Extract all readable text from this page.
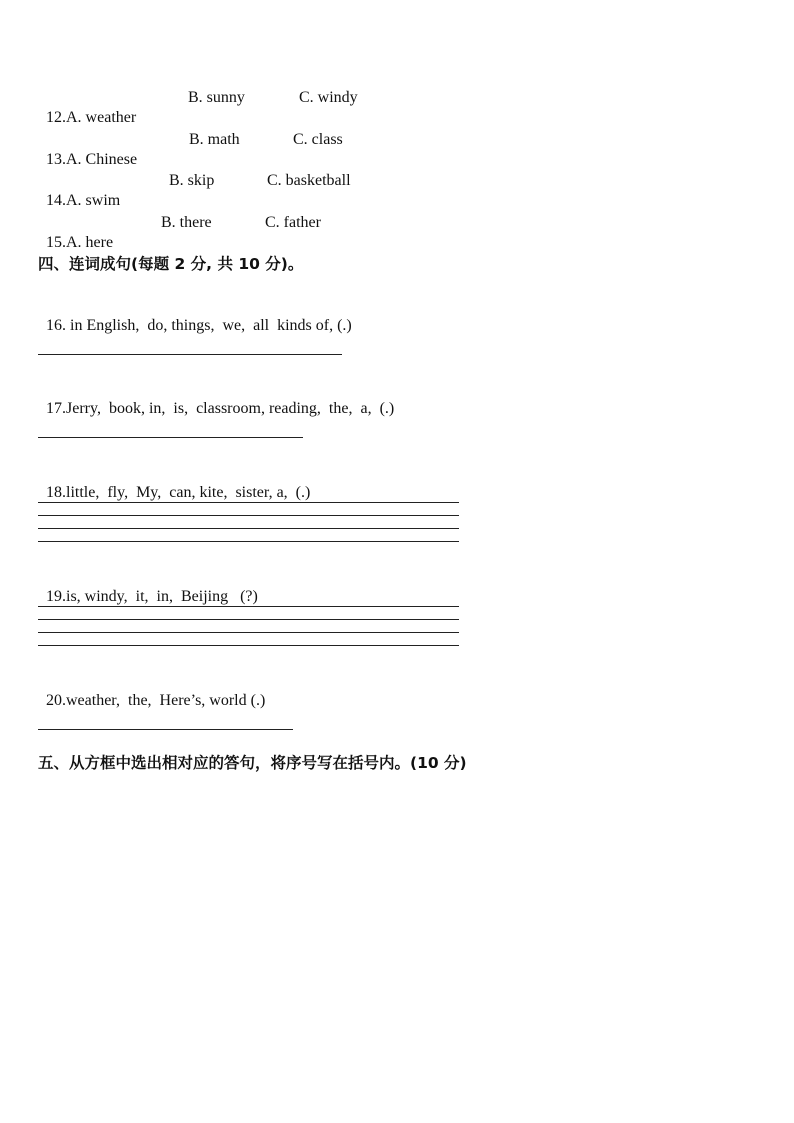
12.A. weather

B. sunny	C. windy

13.A. Chinese

B. math	C. class

14.A. swim

B. skip	C. basketball

15.A. here

B. there	C. father
四、连词成句(每题 2 分, 共 10 分)。

16. in English,  do, things,  we,  all  kinds of, (.)

17.Jerry,  book, in,  is,  classroom, reading,  the,  a,  (.)

18.little,  fly,  My,  can, kite,  sister, a,  (.)

19.is, windy,  it,  in,  Beijing   (?)

20.weather,  the,  Here’s, world (.)

五、从方框中选出相对应的答句，将序号写在括号内。(10 分)
